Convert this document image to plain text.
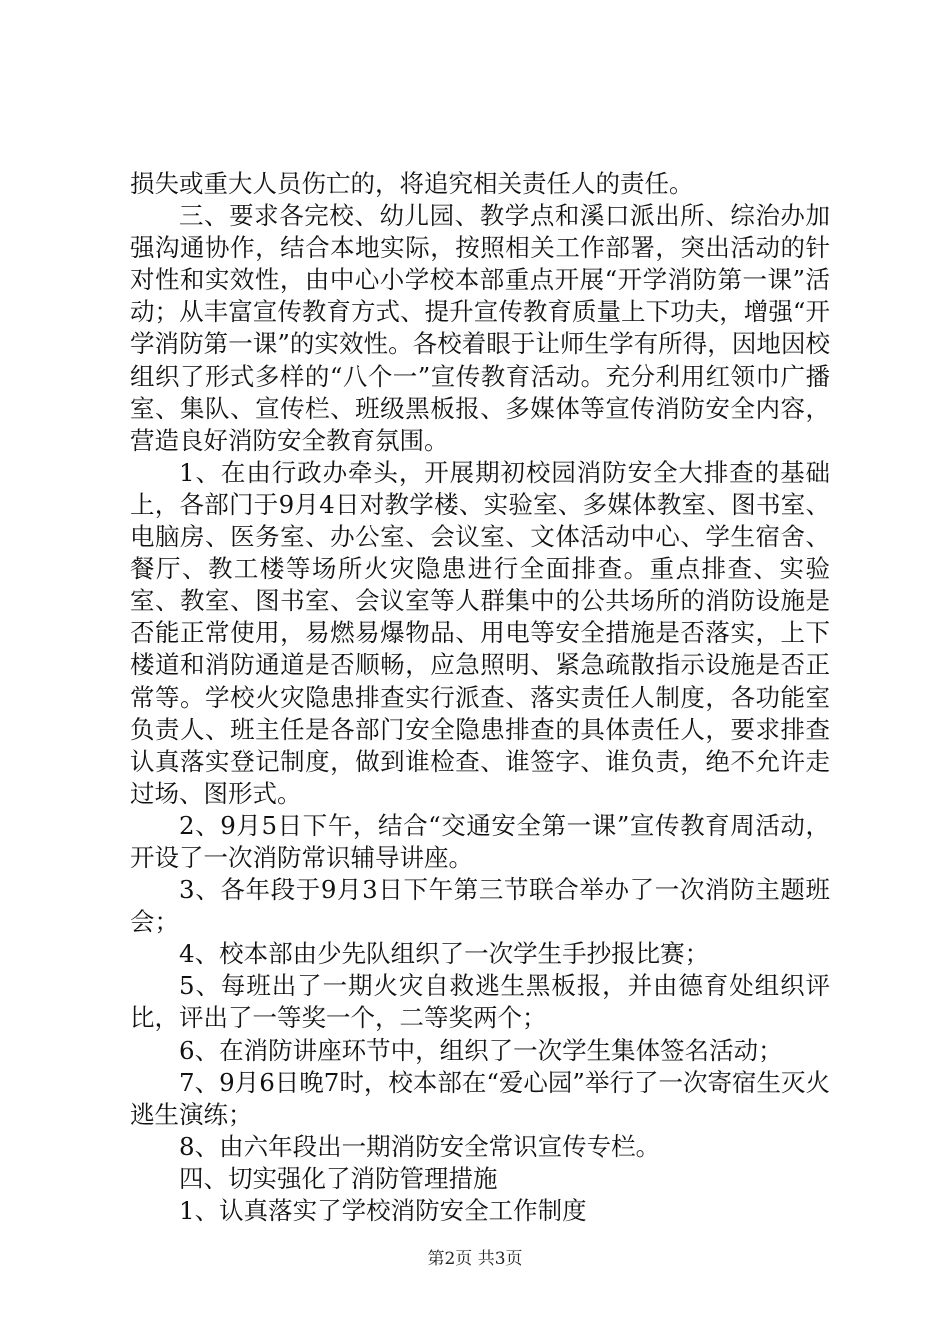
损失或重大人员伤亡的，将追究相关责任人的责任。

三、要求各完校、幼儿园、教学点和溪口派出所、综治办加强沟通协作，结合本地实际，按照相关工作部署，突出活动的针对性和实效性，由中心小学校本部重点开展“开学消防第一课”活动；从丰富宣传教育方式、提升宣传教育质量上下功夫，增强“开学消防第一课”的实效性。各校着眼于让师生学有所得，因地因校组织了形式多样的“八个一”宣传教育活动。充分利用红领巾广播室、集队、宣传栏、班级黑板报、多媒体等宣传消防安全内容，营造良好消防安全教育氛围。

1、在由行政办牵头，开展期初校园消防安全大排查的基础上，各部门于9月4日对教学楼、实验室、多媒体教室、图书室、电脑房、医务室、办公室、会议室、文体活动中心、学生宿舍、餐厅、教工楼等场所火灾隐患进行全面排查。重点排查、实验室、教室、图书室、会议室等人群集中的公共场所的消防设施是否能正常使用，易燃易爆物品、用电等安全措施是否落实，上下楼道和消防通道是否顺畅，应急照明、紧急疏散指示设施是否正常等。学校火灾隐患排查实行派查、落实责任人制度，各功能室负责人、班主任是各部门安全隐患排查的具体责任人，要求排查认真落实登记制度，做到谁检查、谁签字、谁负责，绝不允许走过场、图形式。

2、9月5日下午，结合“交通安全第一课”宣传教育周活动，开设了一次消防常识辅导讲座。

3、各年段于9月3日下午第三节联合举办了一次消防主题班会；

4、校本部由少先队组织了一次学生手抄报比赛；

5、每班出了一期火灾自救逃生黑板报，并由德育处组织评比，评出了一等奖一个，二等奖两个；

6、在消防讲座环节中，组织了一次学生集体签名活动；

7、9月6日晚7时，校本部在“爱心园”举行了一次寄宿生灭火逃生演练；

8、由六年段出一期消防安全常识宣传专栏。

四、切实强化了消防管理措施

1、认真落实了学校消防安全工作制度

第2页 共3页
